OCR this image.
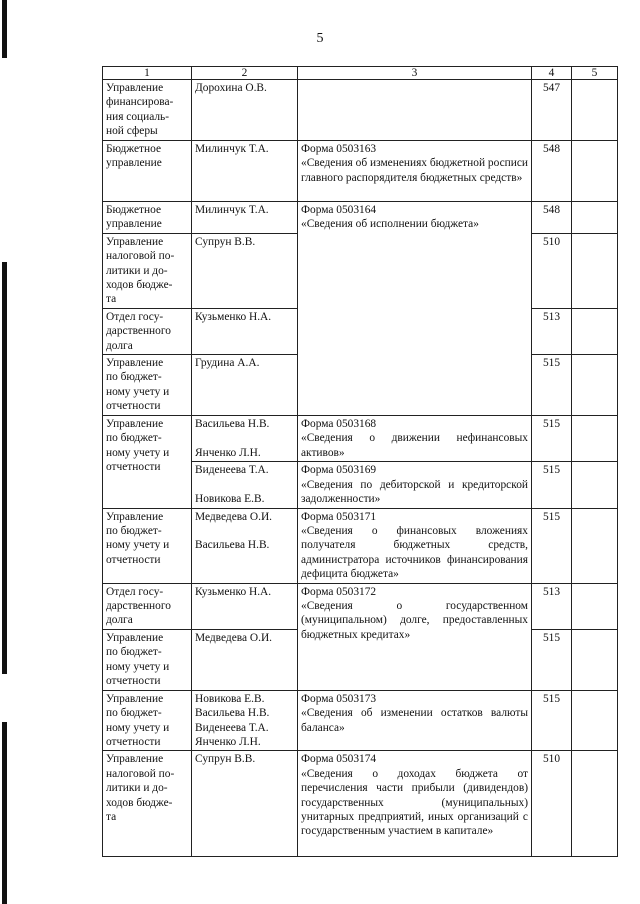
5
1	2	3	4	5
Управление
финансирова-
ния социаль-
ной сферы	Дорохина О.В.		547	
Бюджетное
управление	Милинчук Т.А.	Форма 0503163
«Сведения об изменениях бюджетной росписи главного распорядителя бюджетных средств»	548	
Бюджетное
управление	Милинчук Т.А.	Форма 0503164
«Сведения об исполнении бюджета»	548	
Управление
налоговой по-
литики и до-
ходов бюдже-
та	Супрун В.В.		510	
Отдел госу-
дарственного
долга	Кузьменко Н.А.		513	
Управление
по бюджет-
ному учету и
отчетности	Грудина А.А.		515	
Управление
по бюджет-
ному учету и
отчетности	Васильева Н.В.

Янченко Л.Н.	Форма 0503168
«Сведения о движении нефинансовых активов»	515	
	Виденеева Т.А.

Новикова Е.В.	Форма 0503169
«Сведения по дебиторской и кредиторской задолженности»	515	
Управление
по бюджет-
ному учету и
отчетности	Медведева О.И.

Васильева Н.В.	Форма 0503171
«Сведения о финансовых вложениях получателя бюджетных средств, администратора источников финансирования дефицита бюджета»	515	
Отдел госу-
дарственного
долга	Кузьменко Н.А.	Форма 0503172
«Сведения о государственном (муниципальном) долге, предоставленных бюджетных кредитах»	513	
Управление
по бюджет-
ному учету и
отчетности	Медведева О.И.		515	
Управление
по бюджет-
ному учету и
отчетности	Новикова Е.В.
Васильева Н.В.
Виденеева Т.А.
Янченко Л.Н.	Форма 0503173
«Сведения об изменении остатков валюты баланса»	515	
Управление
налоговой по-
литики и до-
ходов бюдже-
та	Супрун В.В.	Форма 0503174
«Сведения о доходах бюджета от перечисления части прибыли (дивидендов) государственных (муниципальных) унитарных предприятий, иных организаций с государственным участием в капитале»	510	
